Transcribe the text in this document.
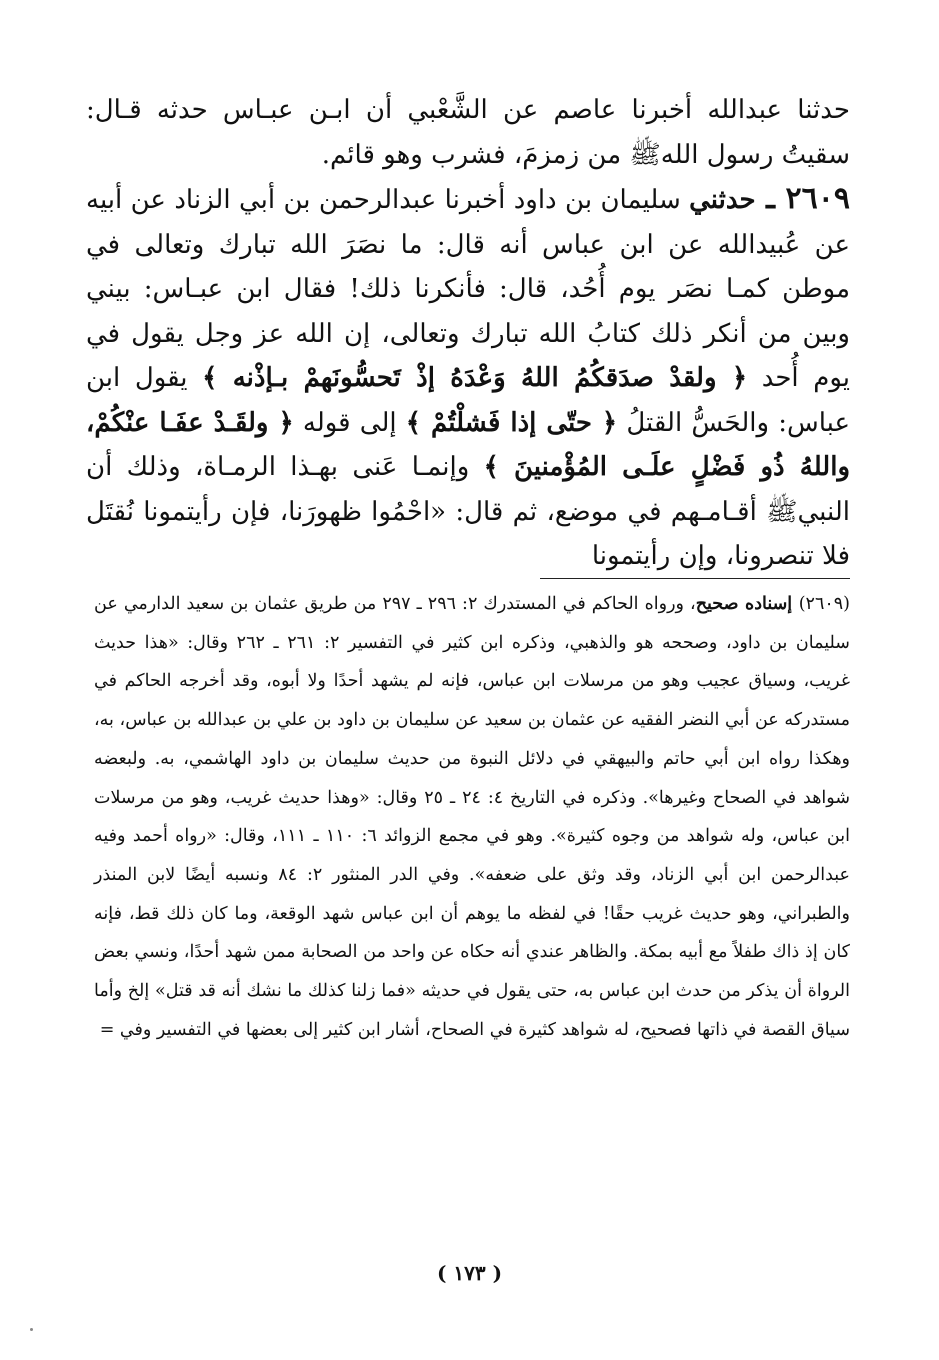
حدثنا عبدالله أخبرنا عاصم عن الشَّعْبي أن ابـن عبـاس حدثه قـال: سقيتُ رسول اللهﷺ من زمزمَ، فشرب وهو قائم.

٢٦٠٩ ـ حدثني سليمان بن داود أخبرنا عبدالرحمن بن أبي الزناد عن أبيه عن عُبيدالله عن ابن عباس أنه قال: ما نصَرَ الله تبارك وتعالى في موطن كمـا نصَر يوم أُحُد، قال: فأنكرنا ذلك! فقال ابن عبـاس: بيني وبين من أنكر ذلك كتابُ الله تبارك وتعالى، إن الله عز وجل يقول في يوم أُحد ﴿ ولقدْ صدَقكُمُ اللهُ وَعْدَهُ إذْ تَحسُّونَهمْ بـإذْنه ﴾ يقول ابن عباس: والحَسُّ القتلُ ﴿ حتّى إذا فَشلْتُمْ ﴾ إلى قوله ﴿ ولقَـدْ عفَـا عنْكُمْ، واللهُ ذُو فَضْلٍ علَـى المُؤْمنينَ ﴾ وإنمـا عَنى بهـذا الرمـاة، وذلك أن النبيﷺ أقـامـهم في موضع، ثم قال: «احْمُوا ظهورَنا، فإن رأيتمونا نُقتَل فلا تنصرونا، وإن رأيتمونا

(٢٦٠٩) إسناده صحيح، ورواه الحاكم في المستدرك ٢: ٢٩٦ ـ ٢٩٧ من طريق عثمان بن سعيد الدارمي عن سليمان بن داود، وصححه هو والذهبي، وذكره ابن كثير في التفسير ٢: ٢٦١ ـ ٢٦٢ وقال: «هذا حديث غريب، وسياق عجيب وهو من مرسلات ابن عباس، فإنه لم يشهد أحدًا ولا أبوه، وقد أخرجه الحاكم في مستدركه عن أبي النضر الفقيه عن عثمان بن سعيد عن سليمان بن داود بن علي بن عبدالله بن عباس، به، وهكذا رواه ابن أبي حاتم والبيهقي في دلائل النبوة من حديث سليمان بن داود الهاشمي، به. ولبعضه شواهد في الصحاح وغيرها». وذكره في التاريخ ٤: ٢٤ ـ ٢٥ وقال: «وهذا حديث غريب، وهو من مرسلات ابن عباس، وله شواهد من وجوه كثيرة». وهو في مجمع الزوائد ٦: ١١٠ ـ ١١١، وقال: «رواه أحمد وفيه عبدالرحمن ابن أبي الزناد، وقد وثق على ضعفه». وفي الدر المنثور ٢: ٨٤ ونسبه أيضًا لابن المنذر والطبراني، وهو حديث غريب حقًا! في لفظه ما يوهم أن ابن عباس شهد الوقعة، وما كان ذلك قط، فإنه كان إذ ذاك طفلاً مع أبيه بمكة. والظاهر عندي أنه حكاه عن واحد من الصحابة ممن شهد أحدًا، ونسي بعض الرواة أن يذكر من حدث ابن عباس به، حتى يقول في حديثه «فما زلنا كذلك ما نشك أنه قد قتل» إلخ وأما سياق القصة في ذاتها فصحيح، له شواهد كثيرة في الصحاح، أشار ابن كثير إلى بعضها في التفسير وفي =

( ١٧٣ )
